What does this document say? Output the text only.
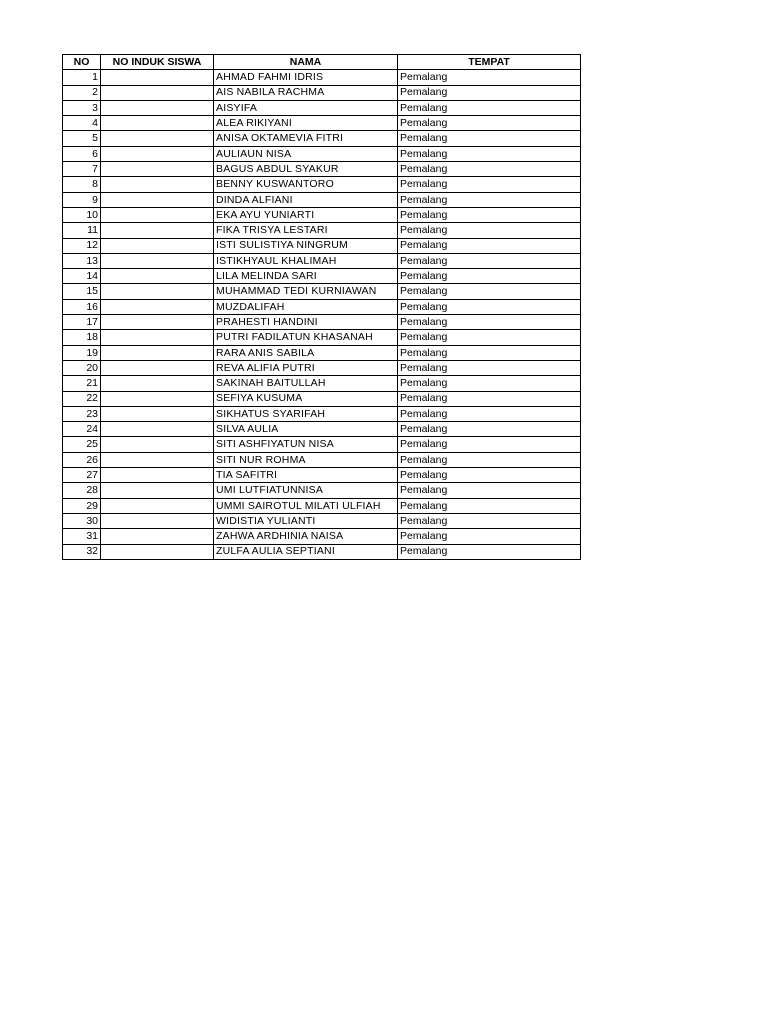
NO	NO INDUK SISWA	NAMA	TEMPAT
1		AHMAD FAHMI IDRIS	Pemalang
2		AIS NABILA RACHMA	Pemalang
3		AISYIFA	Pemalang
4		ALEA RIKIYANI	Pemalang
5		ANISA OKTAMEVIA FITRI	Pemalang
6		AULIAUN NISA	Pemalang
7		BAGUS ABDUL SYAKUR	Pemalang
8		BENNY KUSWANTORO	Pemalang
9		DINDA ALFIANI	Pemalang
10		EKA AYU YUNIARTI	Pemalang
11		FIKA TRISYA LESTARI	Pemalang
12		ISTI SULISTIYA NINGRUM	Pemalang
13		ISTIKHYAUL KHALIMAH	Pemalang
14		LILA MELINDA SARI	Pemalang
15		MUHAMMAD TEDI KURNIAWAN	Pemalang
16		MUZDALIFAH	Pemalang
17		PRAHESTI HANDINI	Pemalang
18		PUTRI FADILATUN KHASANAH	Pemalang
19		RARA ANIS SABILA	Pemalang
20		REVA ALIFIA PUTRI	Pemalang
21		SAKINAH BAITULLAH	Pemalang
22		SEFIYA KUSUMA	Pemalang
23		SIKHATUS SYARIFAH	Pemalang
24		SILVA AULIA	Pemalang
25		SITI ASHFIYATUN NISA	Pemalang
26		SITI NUR ROHMA	Pemalang
27		TIA SAFITRI	Pemalang
28		UMI LUTFIATUNNISA	Pemalang
29		UMMI SAIROTUL MILATI ULFIAH	Pemalang
30		WIDISTIA YULIANTI	Pemalang
31		ZAHWA ARDHINIA NAISA	Pemalang
32		ZULFA AULIA SEPTIANI	Pemalang
